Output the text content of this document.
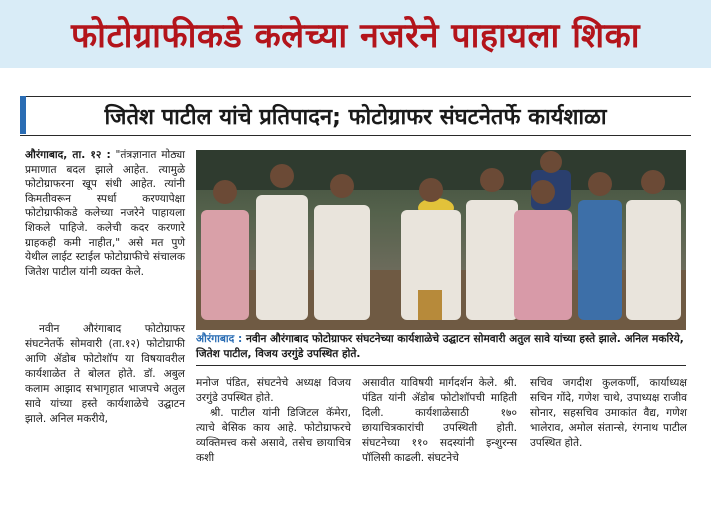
फोटोग्राफीकडे कलेच्या नजरेने पाहायला शिका
जितेश पाटील यांचे प्रतिपादन; फोटोग्राफर संघटनेतर्फे कार्यशाळा
औरंगाबाद, ता. १२ : "तंत्रज्ञानात मोठ्या प्रमाणात बदल झाले आहेत. त्यामुळे फोटोग्राफरना खूप संधी आहेत. त्यांनी किमतीवरून स्पर्धा करण्यापेक्षा फोटोग्राफीकडे कलेच्या नजरेने पाहायला शिकले पाहिजे. कलेची कदर करणारे ग्राहकही कमी नाहीत," असे मत पुणे येथील लाईट स्टाईल फोटोग्राफीचे संचालक जितेश पाटील यांनी व्यक्त केले.
औरंगाबाद : नवीन औरंगाबाद फोटोग्राफर संघटनेच्या कार्यशाळेचे उद्घाटन सोमवारी अतुल सावे यांच्या हस्ते झाले. अनिल मकरिये, जितेश पाटील, विजय उरगुंडे उपस्थित होते.

नवीन औरंगाबाद फोटोग्राफर संघटनेतर्फे सोमवारी (ता.१२) फोटोग्राफी आणि ॲडोब फोटोशॉप या विषयावरील कार्यशाळेत ते बोलत होते. डॉ. अबुल कलाम आझाद सभागृहात भाजपचे अतुल सावे यांच्या हस्ते कार्यशाळेचे उद्घाटन झाले. अनिल मकरीये,

मनोज पंडित, संघटनेचे अध्यक्ष विजय उरगुंडे उपस्थित होते.

श्री. पाटील यांनी डिजिटल कॅमेरा, त्याचे बेसिक काय आहे. फोटोग्राफरचे व्यक्तिमत्त्व कसे असावे, तसेच छायाचित्र कशी

असावीत याविषयी मार्गदर्शन केले. श्री. पंडित यांनी ॲडोब फोटोशॉपची माहिती दिली. कार्यशाळेसाठी १७० छायाचित्रकारांची उपस्थिती होती. संघटनेच्या ११० सदस्यांनी इन्शुरन्स पॉलिसी काढली. संघटनेचे

सचिव जगदीश कुलकर्णी, कार्याध्यक्ष सचिन गोंदे, गणेश चाथे, उपाध्यक्ष राजीव सोनार, सहसचिव उमाकांत वैद्य, गणेश भालेराव, अमोल संतान्से, रंगनाथ पाटील उपस्थित होते.
